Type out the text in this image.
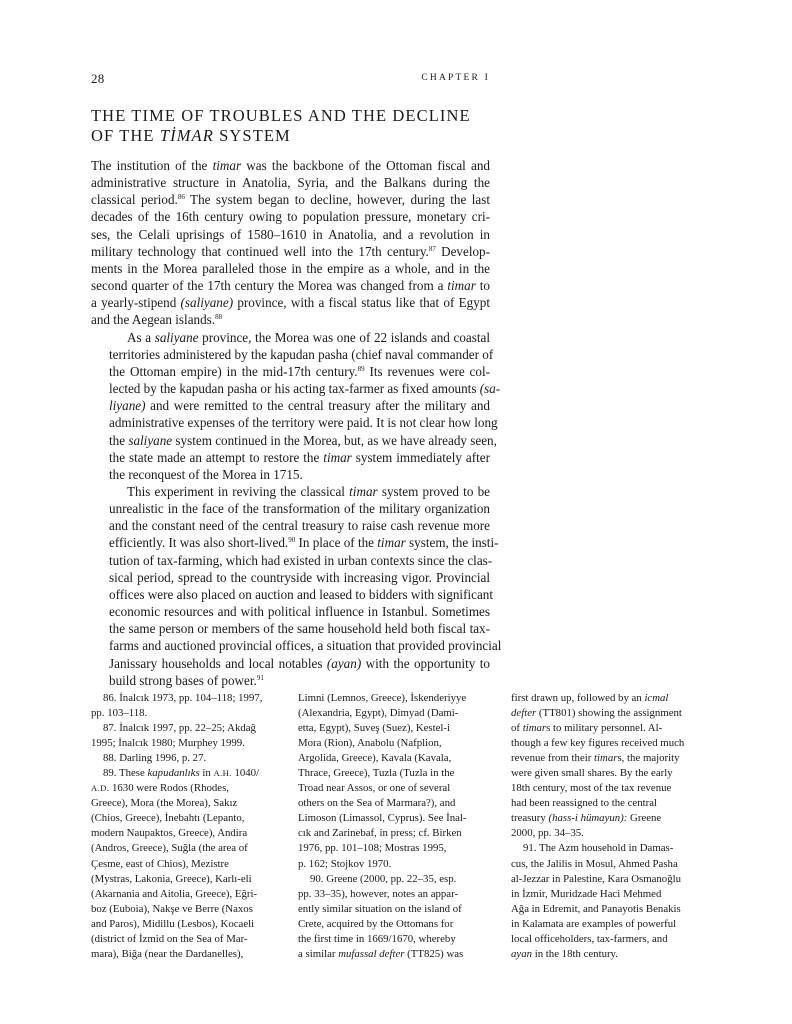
28	CHAPTER I
THE TIME OF TROUBLES AND THE DECLINE
OF THE TİMAR SYSTEM

The institution of the timar was the backbone of the Ottoman fiscal and
administrative structure in Anatolia, Syria, and the Balkans during the
classical period.$^{86}$ The system began to decline, however, during the last
decades of the 16th century owing to population pressure, monetary cri-
ses, the Celali uprisings of 1580–1610 in Anatolia, and a revolution in
military technology that continued well into the 17th century.$^{87}$ Develop-
ments in the Morea paralleled those in the empire as a whole, and in the
second quarter of the 17th century the Morea was changed from a timar to
a yearly-stipend (saliyane) province, with a fiscal status like that of Egypt
and the Aegean islands.$^{88}$

As a saliyane province, the Morea was one of 22 islands and coastal
territories administered by the kapudan pasha (chief naval commander of
the Ottoman empire) in the mid-17th century.$^{89}$ Its revenues were col-
lected by the kapudan pasha or his acting tax-farmer as fixed amounts (sa-
liyane) and were remitted to the central treasury after the military and
administrative expenses of the territory were paid. It is not clear how long
the saliyane system continued in the Morea, but, as we have already seen,
the state made an attempt to restore the timar system immediately after
the reconquest of the Morea in 1715.

This experiment in reviving the classical timar system proved to be
unrealistic in the face of the transformation of the military organization
and the constant need of the central treasury to raise cash revenue more
efficiently. It was also short-lived.$^{90}$ In place of the timar system, the insti-
tution of tax-farming, which had existed in urban contexts since the clas-
sical period, spread to the countryside with increasing vigor. Provincial
offices were also placed on auction and leased to bidders with significant
economic resources and with political influence in Istanbul. Sometimes
the same person or members of the same household held both fiscal tax-
farms and auctioned provincial offices, a situation that provided provincial
Janissary households and local notables (ayan) with the opportunity to
build strong bases of power.$^{91}$

86. İnalcık 1973, pp. 104–118; 1997,
pp. 103–118.
87. İnalcık 1997, pp. 22–25; Akdağ
1995; İnalcık 1980; Murphey 1999.
88. Darling 1996, p. 27.
89. These kapudanlıks in A.H. 1040/
A.D. 1630 were Rodos (Rhodes,
Greece), Mora (the Morea), Sakız
(Chios, Greece), İnebahtı (Lepanto,
modern Naupaktos, Greece), Andira
(Andros, Greece), Suğla (the area of
Çesme, east of Chios), Mezistre
(Mystras, Lakonia, Greece), Karlı-eli
(Akarnania and Aitolia, Greece), Eğri-
boz (Euboia), Nakşe ve Berre (Naxos
and Paros), Midillu (Lesbos), Kocaeli
(district of İzmid on the Sea of Mar-
mara), Biğa (near the Dardanelles),
Limni (Lemnos, Greece), İskenderiyye
(Alexandria, Egypt), Dimyad (Dami-
etta, Egypt), Suveş (Suez), Kestel-i
Mora (Rion), Anabolu (Nafplion,
Argolida, Greece), Kavala (Kavala,
Thrace, Greece), Tuzla (Tuzla in the
Troad near Assos, or one of several
others on the Sea of Marmara?), and
Limoson (Limassol, Cyprus). See İnal-
cık and Zarinebaf, in press; cf. Birken
1976, pp. 101–108; Mostras 1995,
p. 162; Stojkov 1970.
90. Greene (2000, pp. 22–35, esp.
pp. 33–35), however, notes an appar-
ently similar situation on the island of
Crete, acquired by the Ottomans for
the first time in 1669/1670, whereby
a similar mufassal defter (TT825) was
first drawn up, followed by an icmal
defter (TT801) showing the assignment
of timars to military personnel. Al-
though a few key figures received much
revenue from their timars, the majority
were given small shares. By the early
18th century, most of the tax revenue
had been reassigned to the central
treasury (hass-i hümayun): Greene
2000, pp. 34–35.
91. The Azm household in Damas-
cus, the Jalilis in Mosul, Ahmed Pasha
al-Jezzar in Palestine, Kara Osmanoğlu
in İzmir, Muridzade Haci Mehmed
Ağa in Edremit, and Panayotis Benakis
in Kalamata are examples of powerful
local officeholders, tax-farmers, and
ayan in the 18th century.
